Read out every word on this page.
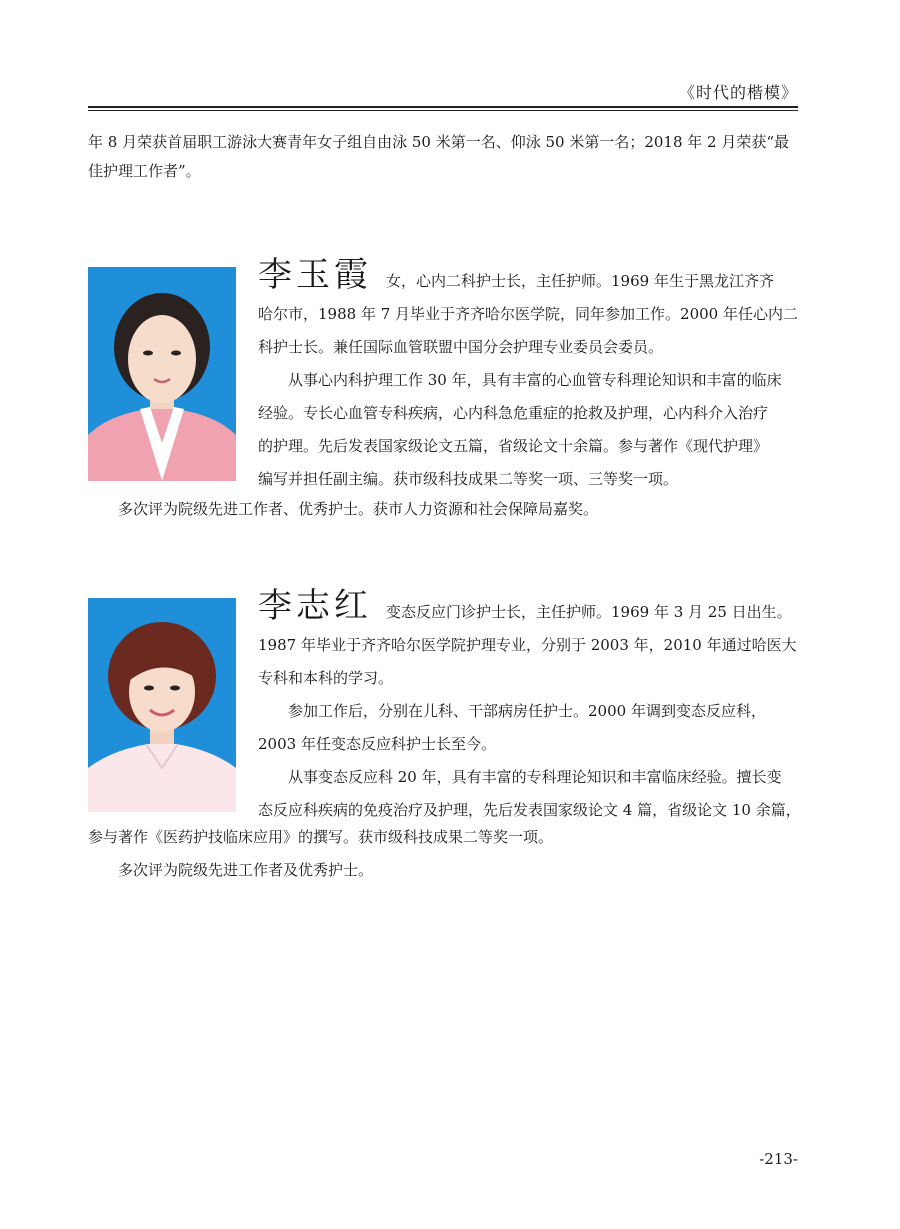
《时代的楷模》

年 8 月荣获首届职工游泳大赛青年女子组自由泳 50 米第一名、仰泳 50 米第一名；2018 年 2 月荣获“最
佳护理工作者”。

李玉霞 女，心内二科护士长，主任护师。1969 年生于黑龙江齐齐
哈尔市，1988 年 7 月毕业于齐齐哈尔医学院，同年参加工作。2000 年任心内二
科护士长。兼任国际血管联盟中国分会护理专业委员会委员。
从事心内科护理工作 30 年，具有丰富的心血管专科理论知识和丰富的临床
经验。专长心血管专科疾病，心内科急危重症的抢救及护理，心内科介入治疗
的护理。先后发表国家级论文五篇，省级论文十余篇。参与著作《现代护理》
编写并担任副主编。获市级科技成果二等奖一项、三等奖一项。

多次评为院级先进工作者、优秀护士。获市人力资源和社会保障局嘉奖。

李志红 变态反应门诊护士长，主任护师。1969 年 3 月 25 日出生。
1987 年毕业于齐齐哈尔医学院护理专业，分别于 2003 年，2010 年通过哈医大
专科和本科的学习。
参加工作后，分别在儿科、干部病房任护士。2000 年调到变态反应科，
2003 年任变态反应科护士长至今。
从事变态反应科 20 年，具有丰富的专科理论知识和丰富临床经验。擅长变
态反应科疾病的免疫治疗及护理，先后发表国家级论文 4 篇，省级论文 10 余篇，

参与著作《医药护技临床应用》的撰写。获市级科技成果二等奖一项。
多次评为院级先进工作者及优秀护士。

-213-
